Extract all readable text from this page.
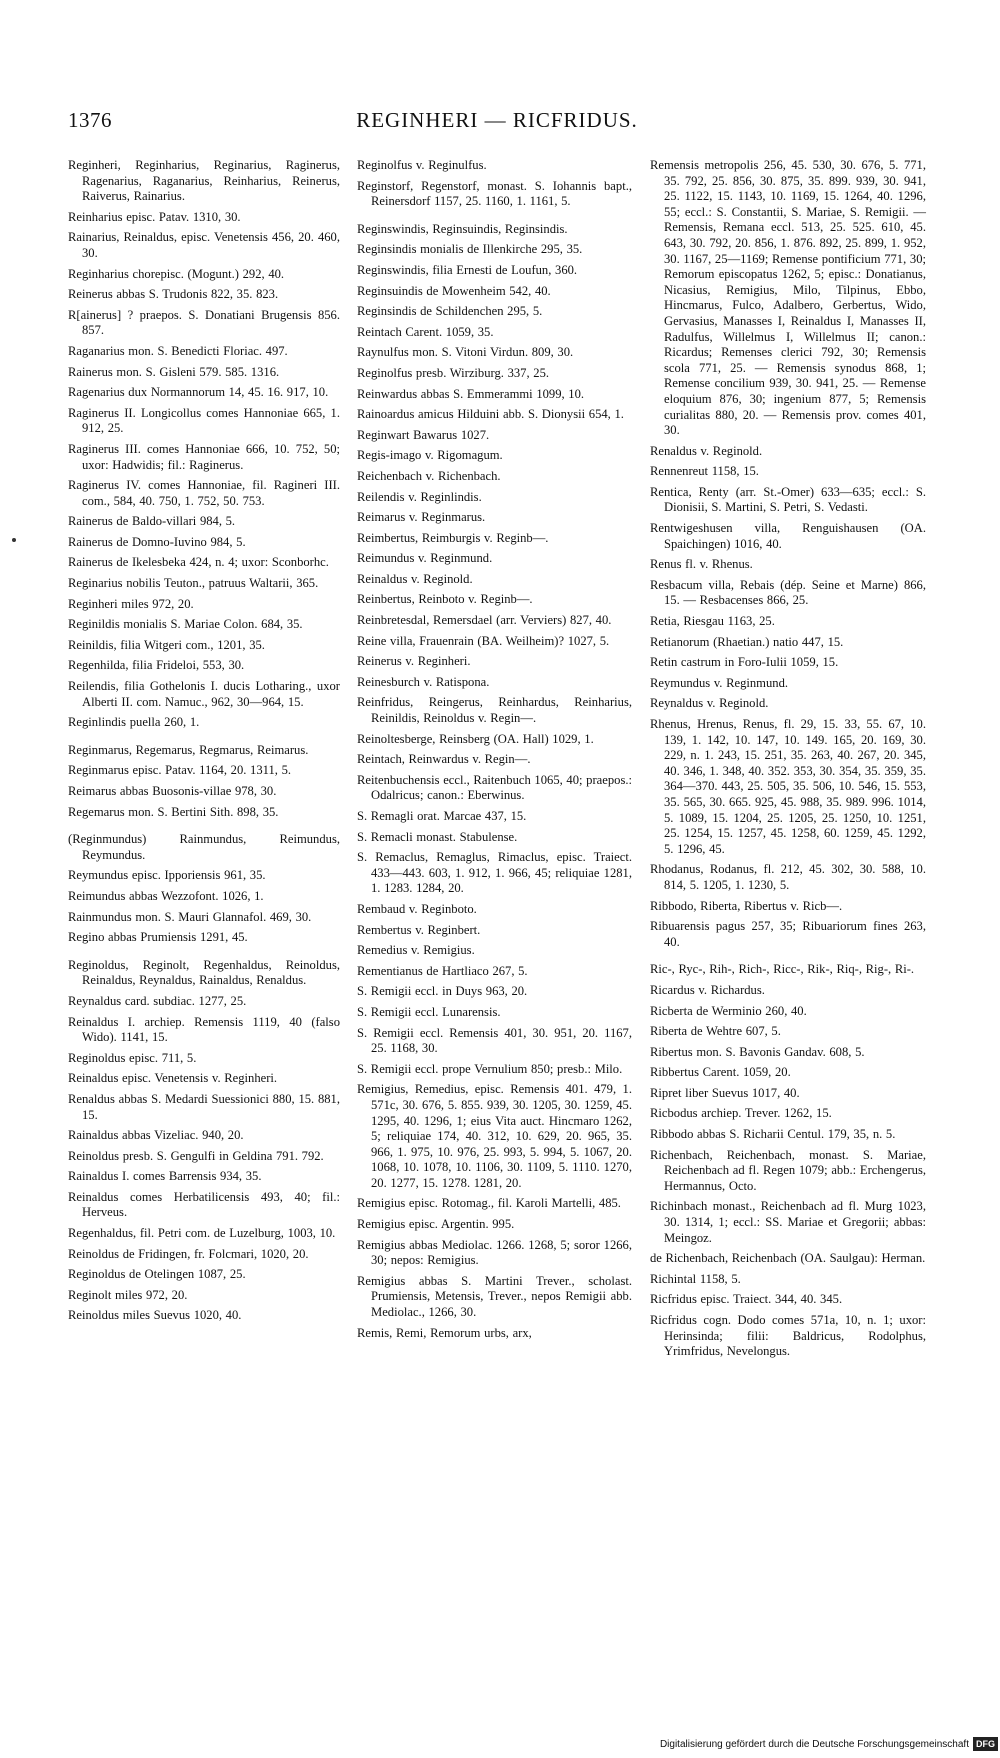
1376	REGINHERI — RICFRIDUS.
Reginheri, Reginharius, Reginarius, Raginerus, Ragenarius, Raganarius, Reinharius, Reinerus, Raiverus, Rainarius.
Reinharius episc. Patav. 1310, 30.
Rainarius, Reinaldus, episc. Venetensis 456, 20. 460, 30.
Reginharius chorepisc. (Mogunt.) 292, 40.
Reinerus abbas S. Trudonis 822, 35. 823.
R[ainerus] ? praepos. S. Donatiani Brugensis 856. 857.
Raganarius mon. S. Benedicti Floriac. 497.
Rainerus mon. S. Gisleni 579. 585. 1316.
Ragenarius dux Normannorum 14, 45. 16. 917, 10.
Raginerus II. Longicollus comes Hannoniae 665, 1. 912, 25.
Raginerus III. comes Hannoniae 666, 10. 752, 50; uxor: Hadwidis; fil.: Raginerus.
Raginerus IV. comes Hannoniae, fil. Ragineri III. com., 584, 40. 750, 1. 752, 50. 753.
Rainerus de Baldo-villari 984, 5.
Rainerus de Domno-Iuvino 984, 5.
Rainerus de Ikelesbeka 424, n. 4; uxor: Sconborhc.
Reginarius nobilis Teuton., patruus Waltarii, 365.
Reginheri miles 972, 20.
Reginildis monialis S. Mariae Colon. 684, 35.
Reinildis, filia Witgeri com., 1201, 35.
Regenhilda, filia Frideloi, 553, 30.
Reilendis, filia Gothelonis I. ducis Lotharing., uxor Alberti II. com. Namuc., 962, 30—964, 15.
Reginlindis puella 260, 1.
Reginmarus, Regemarus, Regmarus, Reimarus.
Reginmarus episc. Patav. 1164, 20. 1311, 5.
Reimarus abbas Buosonis-villae 978, 30.
Regemarus mon. S. Bertini Sith. 898, 35.
(Reginmundus) Rainmundus, Reimundus, Reymundus.
Reymundus episc. Ipporiensis 961, 35.
Reimundus abbas Wezzofont. 1026, 1.
Rainmundus mon. S. Mauri Glannafol. 469, 30.
Regino abbas Prumiensis 1291, 45.
Reginoldus, Reginolt, Regenhaldus, Reinoldus, Reinaldus, Reynaldus, Rainaldus, Renaldus.
Reynaldus card. subdiac. 1277, 25.
Reinaldus I. archiep. Remensis 1119, 40 (falso Wido). 1141, 15.
Reginoldus episc. 711, 5.
Reinaldus episc. Venetensis v. Reginheri.
Renaldus abbas S. Medardi Suessionici 880, 15. 881, 15.
Rainaldus abbas Vizeliac. 940, 20.
Reinoldus presb. S. Gengulfi in Geldina 791. 792.
Rainaldus I. comes Barrensis 934, 35.
Reinaldus comes Herbatilicensis 493, 40; fil.: Herveus.
Regenhaldus, fil. Petri com. de Luzelburg, 1003, 10.
Reinoldus de Fridingen, fr. Folcmari, 1020, 20.
Reginoldus de Otelingen 1087, 25.
Reginolt miles 972, 20.
Reinoldus miles Suevus 1020, 40.
Reginolfus v. Reginulfus.
Reginstorf, Regenstorf, monast. S. Iohannis bapt., Reinersdorf 1157, 25. 1160, 1. 1161, 5.
Reginswindis, Reginsuindis, Reginsindis.
Reginsindis monialis de Illenkirche 295, 35.
Reginswindis, filia Ernesti de Loufun, 360.
Reginsuindis de Mowenheim 542, 40.
Reginsindis de Schildenchen 295, 5.
Reintach Carent. 1059, 35.
Raynulfus mon. S. Vitoni Virdun. 809, 30.
Reginolfus presb. Wirziburg. 337, 25.
Reinwardus abbas S. Emmerammi 1099, 10.
Rainoardus amicus Hilduini abb. S. Dionysii 654, 1.
Reginwart Bawarus 1027.
Regis-imago v. Rigomagum.
Reichenbach v. Richenbach.
Reilendis v. Reginlindis.
Reimarus v. Reginmarus.
Reimbertus, Reimburgis v. Reginb—.
Reimundus v. Reginmund.
Reinaldus v. Reginold.
Reinbertus, Reinboto v. Reginb—.
Reinbretesdal, Remersdael (arr. Verviers) 827, 40.
Reine villa, Frauenrain (BA. Weilheim)? 1027, 5.
Reinerus v. Reginheri.
Reinesburch v. Ratispona.
Reinfridus, Reingerus, Reinhardus, Reinharius, Reinildis, Reinoldus v. Regin—.
Reinoltesberge, Reinsberg (OA. Hall) 1029, 1.
Reintach, Reinwardus v. Regin—.
Reitenbuchensis eccl., Raitenbuch 1065, 40; praepos.: Odalricus; canon.: Eberwinus.
S. Remagli orat. Marcae 437, 15.
S. Remacli monast. Stabulense.
S. Remaclus, Remaglus, Rimaclus, episc. Traiect. 433—443. 603, 1. 912, 1. 966, 45; reliquiae 1281, 1. 1283. 1284, 20.
Rembaud v. Reginboto.
Rembertus v. Reginbert.
Remedius v. Remigius.
Rementianus de Hartliaco 267, 5.
S. Remigii eccl. in Duys 963, 20.
S. Remigii eccl. Lunarensis.
S. Remigii eccl. Remensis 401, 30. 951, 20. 1167, 25. 1168, 30.
S. Remigii eccl. prope Vernulium 850; presb.: Milo.
Remigius, Remedius, episc. Remensis 401. 479, 1. 571c, 30. 676, 5. 855. 939, 30. 1205, 30. 1259, 45. 1295, 40. 1296, 1; eius Vita auct. Hincmaro 1262, 5; reliquiae 174, 40. 312, 10. 629, 20. 965, 35. 966, 1. 975, 10. 976, 25. 993, 5. 994, 5. 1067, 20. 1068, 10. 1078, 10. 1106, 30. 1109, 5. 1110. 1270, 20. 1277, 15. 1278. 1281, 20.
Remigius episc. Rotomag., fil. Karoli Martelli, 485.
Remigius episc. Argentin. 995.
Remigius abbas Mediolac. 1266. 1268, 5; soror 1266, 30; nepos: Remigius.
Remigius abbas S. Martini Trever., scholast. Prumiensis, Metensis, Trever., nepos Remigii abb. Mediolac., 1266, 30.
Remis, Remi, Remorum urbs, arx,
Remensis metropolis 256, 45. 530, 30. 676, 5. 771, 35. 792, 25. 856, 30. 875, 35. 899. 939, 30. 941, 25. 1122, 15. 1143, 10. 1169, 15. 1264, 40. 1296, 55; eccl.: S. Constantii, S. Mariae, S. Remigii. — Remensis, Remana eccl. 513, 25. 525. 610, 45. 643, 30. 792, 20. 856, 1. 876. 892, 25. 899, 1. 952, 30. 1167, 25—1169; Remense pontificium 771, 30; Remorum episcopatus 1262, 5; episc.: Donatianus, Nicasius, Remigius, Milo, Tilpinus, Ebbo, Hincmarus, Fulco, Adalbero, Gerbertus, Wido, Gervasius, Manasses I, Reinaldus I, Manasses II, Radulfus, Willelmus I, Willelmus II; canon.: Ricardus; Remenses clerici 792, 30; Remensis scola 771, 25. — Remensis synodus 868, 1; Remense concilium 939, 30. 941, 25. — Remense eloquium 876, 30; ingenium 877, 5; Remensis curialitas 880, 20. — Remensis prov. comes 401, 30.
Renaldus v. Reginold.
Rennenreut 1158, 15.
Rentica, Renty (arr. St.-Omer) 633—635; eccl.: S. Dionisii, S. Martini, S. Petri, S. Vedasti.
Rentwigeshusen villa, Renguishausen (OA. Spaichingen) 1016, 40.
Renus fl. v. Rhenus.
Resbacum villa, Rebais (dép. Seine et Marne) 866, 15. — Resbacenses 866, 25.
Retia, Riesgau 1163, 25.
Retianorum (Rhaetian.) natio 447, 15.
Retin castrum in Foro-Iulii 1059, 15.
Reymundus v. Reginmund.
Reynaldus v. Reginold.
Rhenus, Hrenus, Renus, fl. 29, 15. 33, 55. 67, 10. 139, 1. 142, 10. 147, 10. 149. 165, 20. 169, 30. 229, n. 1. 243, 15. 251, 35. 263, 40. 267, 20. 345, 40. 346, 1. 348, 40. 352. 353, 30. 354, 35. 359, 35. 364—370. 443, 25. 505, 35. 506, 10. 546, 15. 553, 35. 565, 30. 665. 925, 45. 988, 35. 989. 996. 1014, 5. 1089, 15. 1204, 25. 1205, 25. 1250, 10. 1251, 25. 1254, 15. 1257, 45. 1258, 60. 1259, 45. 1292, 5. 1296, 45.
Rhodanus, Rodanus, fl. 212, 45. 302, 30. 588, 10. 814, 5. 1205, 1. 1230, 5.
Ribbodo, Riberta, Ribertus v. Ricb—.
Ribuarensis pagus 257, 35; Ribuariorum fines 263, 40.
Ric-, Ryc-, Rih-, Rich-, Ricc-, Rik-, Riq-, Rig-, Ri-.
Ricardus v. Richardus.
Ricberta de Werminio 260, 40.
Riberta de Wehtre 607, 5.
Ribertus mon. S. Bavonis Gandav. 608, 5.
Ribbertus Carent. 1059, 20.
Ripret liber Suevus 1017, 40.
Ricbodus archiep. Trever. 1262, 15.
Ribbodo abbas S. Richarii Centul. 179, 35, n. 5.
Richenbach, Reichenbach, monast. S. Mariae, Reichenbach ad fl. Regen 1079; abb.: Erchengerus, Hermannus, Octo.
Richinbach monast., Reichenbach ad fl. Murg 1023, 30. 1314, 1; eccl.: SS. Mariae et Gregorii; abbas: Meingoz.
de Richenbach, Reichenbach (OA. Saulgau): Herman.
Richintal 1158, 5.
Ricfridus episc. Traiect. 344, 40. 345.
Ricfridus cogn. Dodo comes 571a, 10, n. 1; uxor: Herinsinda; filii: Baldricus, Rodolphus, Yrimfridus, Nevelongus.
Digitalisierung gefördert durch die Deutsche Forschungsgemeinschaft DFG
